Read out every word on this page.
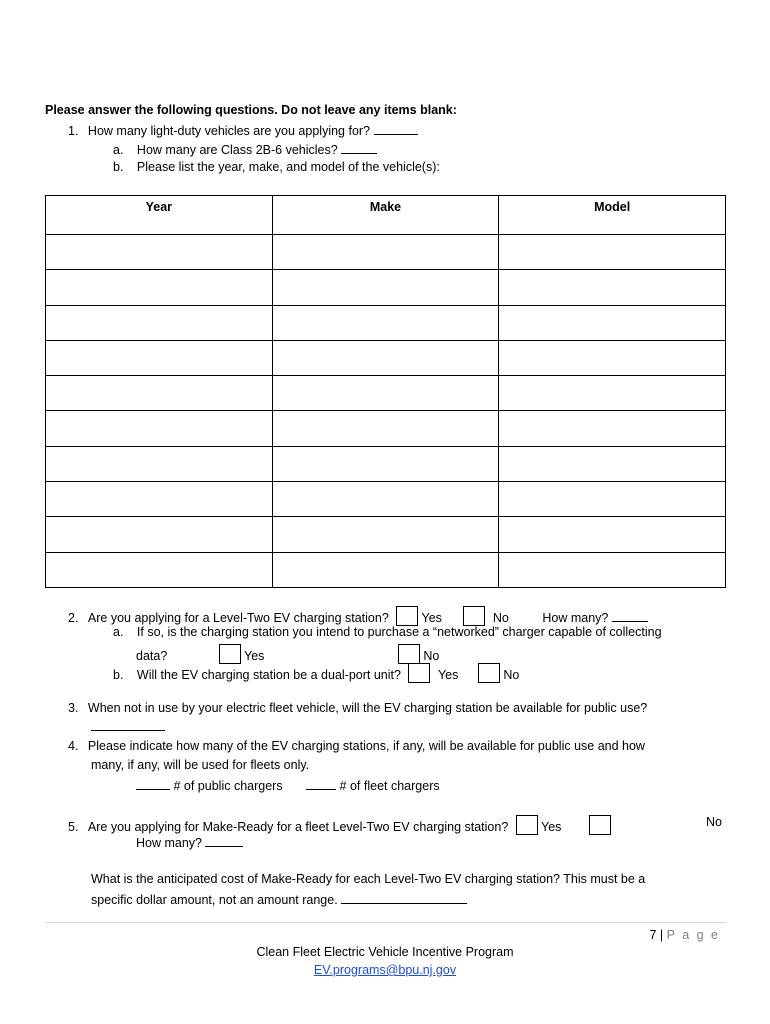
Please answer the following questions. Do not leave any items blank:
1. How many light-duty vehicles are you applying for?
a. How many are Class 2B-6 vehicles?
b. Please list the year, make, and model of the vehicle(s):
Year	Make	Model

2. Are you applying for a Level-Two EV charging station?	Yes	No	How many?
a. If so, is the charging station you intend to purchase a “networked” charger capable of collecting
data?	Yes	No
b. Will the EV charging station be a dual-port unit?	Yes	No
3. When not in use by your electric fleet vehicle, will the EV charging station be available for public use?
4. Please indicate how many of the EV charging stations, if any, will be available for public use and how
many, if any, will be used for fleets only.
# of public chargers	# of fleet chargers
5. Are you applying for Make-Ready for a fleet Level-Two EV charging station?	Yes	No
How many?
What is the anticipated cost of Make-Ready for each Level-Two EV charging station? This must be a
specific dollar amount, not an amount range.
7 | P a g e
Clean Fleet Electric Vehicle Incentive Program
EV.programs@bpu.nj.gov
